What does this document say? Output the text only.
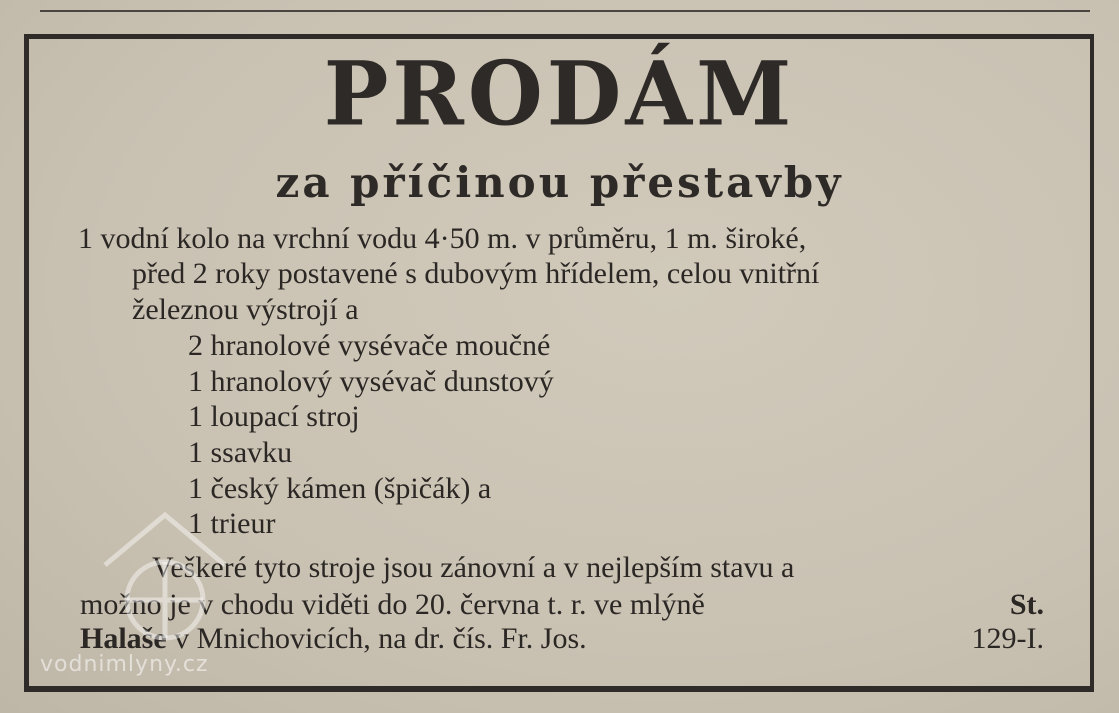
PRODÁM
za příčinou přestavby
1 vodní kolo na vrchní vodu 4·50 m. v průměru, 1 m. široké,
před 2 roky postavené s dubovým hřídelem, celou vnitřní
železnou výstrojí a
2 hranolové vysévače moučné
1 hranolový vysévač dunstový
1 loupací stroj
1 ssavku
1 český kámen (špičák) a
1 trieur
Veškeré tyto stroje jsou zánovní a v nejlepším stavu a
možno je v chodu viděti do 20. června t. r. ve mlýně	St.
Halaše v Mnichovicích, na dr. čís. Fr. Jos.	129-I.
vodnimlyny.cz
